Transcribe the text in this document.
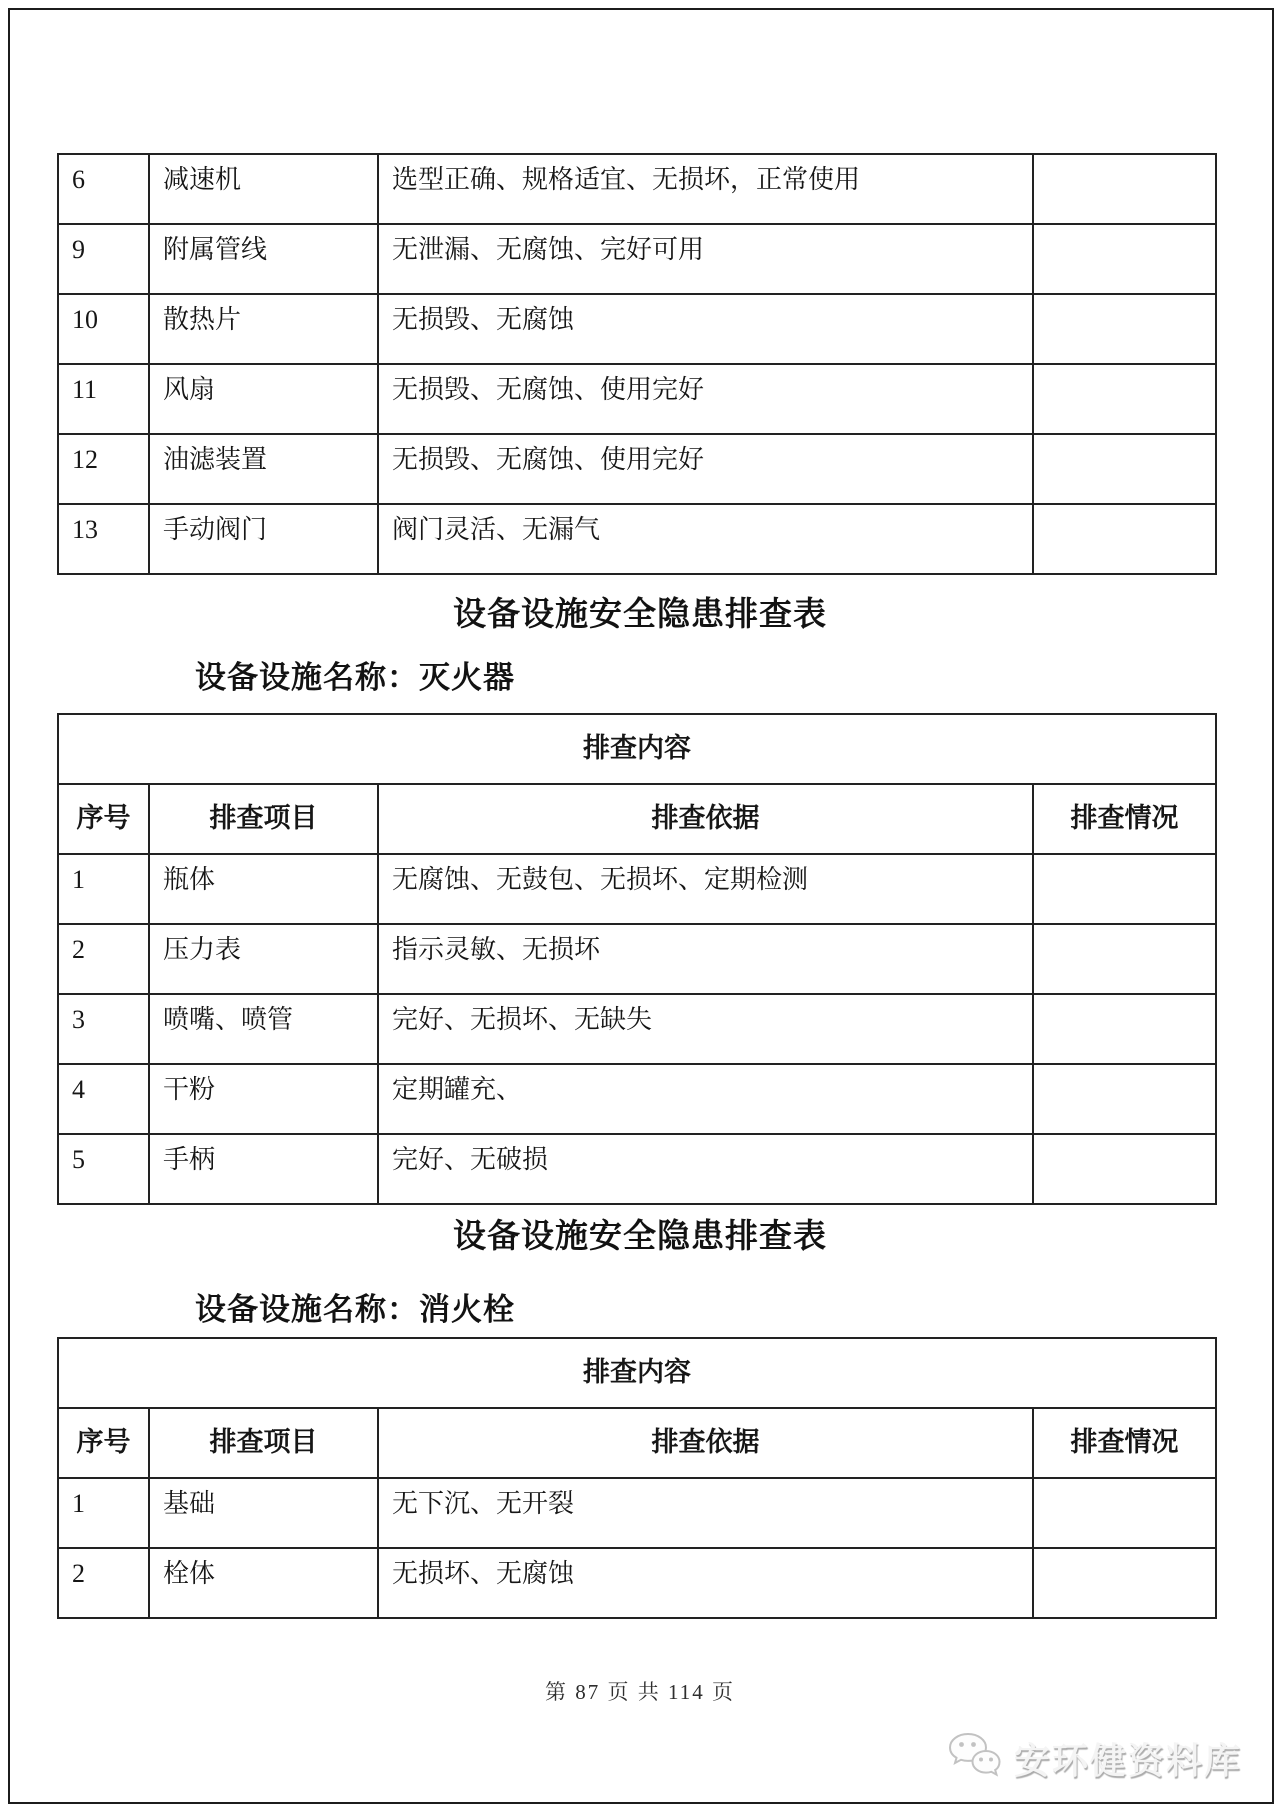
6	减速机	选型正确、规格适宜、无损坏，正常使用	
9	附属管线	无泄漏、无腐蚀、完好可用	
10	散热片	无损毁、无腐蚀	
11	风扇	无损毁、无腐蚀、使用完好	
12	油滤装置	无损毁、无腐蚀、使用完好	
13	手动阀门	阀门灵活、无漏气	
设备设施安全隐患排查表
设备设施名称：灭火器
排查内容			
序号	排查项目	排查依据	排查情况
1	瓶体	无腐蚀、无鼓包、无损坏、定期检测	
2	压力表	指示灵敏、无损坏	
3	喷嘴、喷管	完好、无损坏、无缺失	
4	干粉	定期罐充、	
5	手柄	完好、无破损	
设备设施安全隐患排查表
设备设施名称：消火栓
排查内容			
序号	排查项目	排查依据	排查情况
1	基础	无下沉、无开裂	
2	栓体	无损坏、无腐蚀	
第 87 页 共 114 页
安环健资料库
